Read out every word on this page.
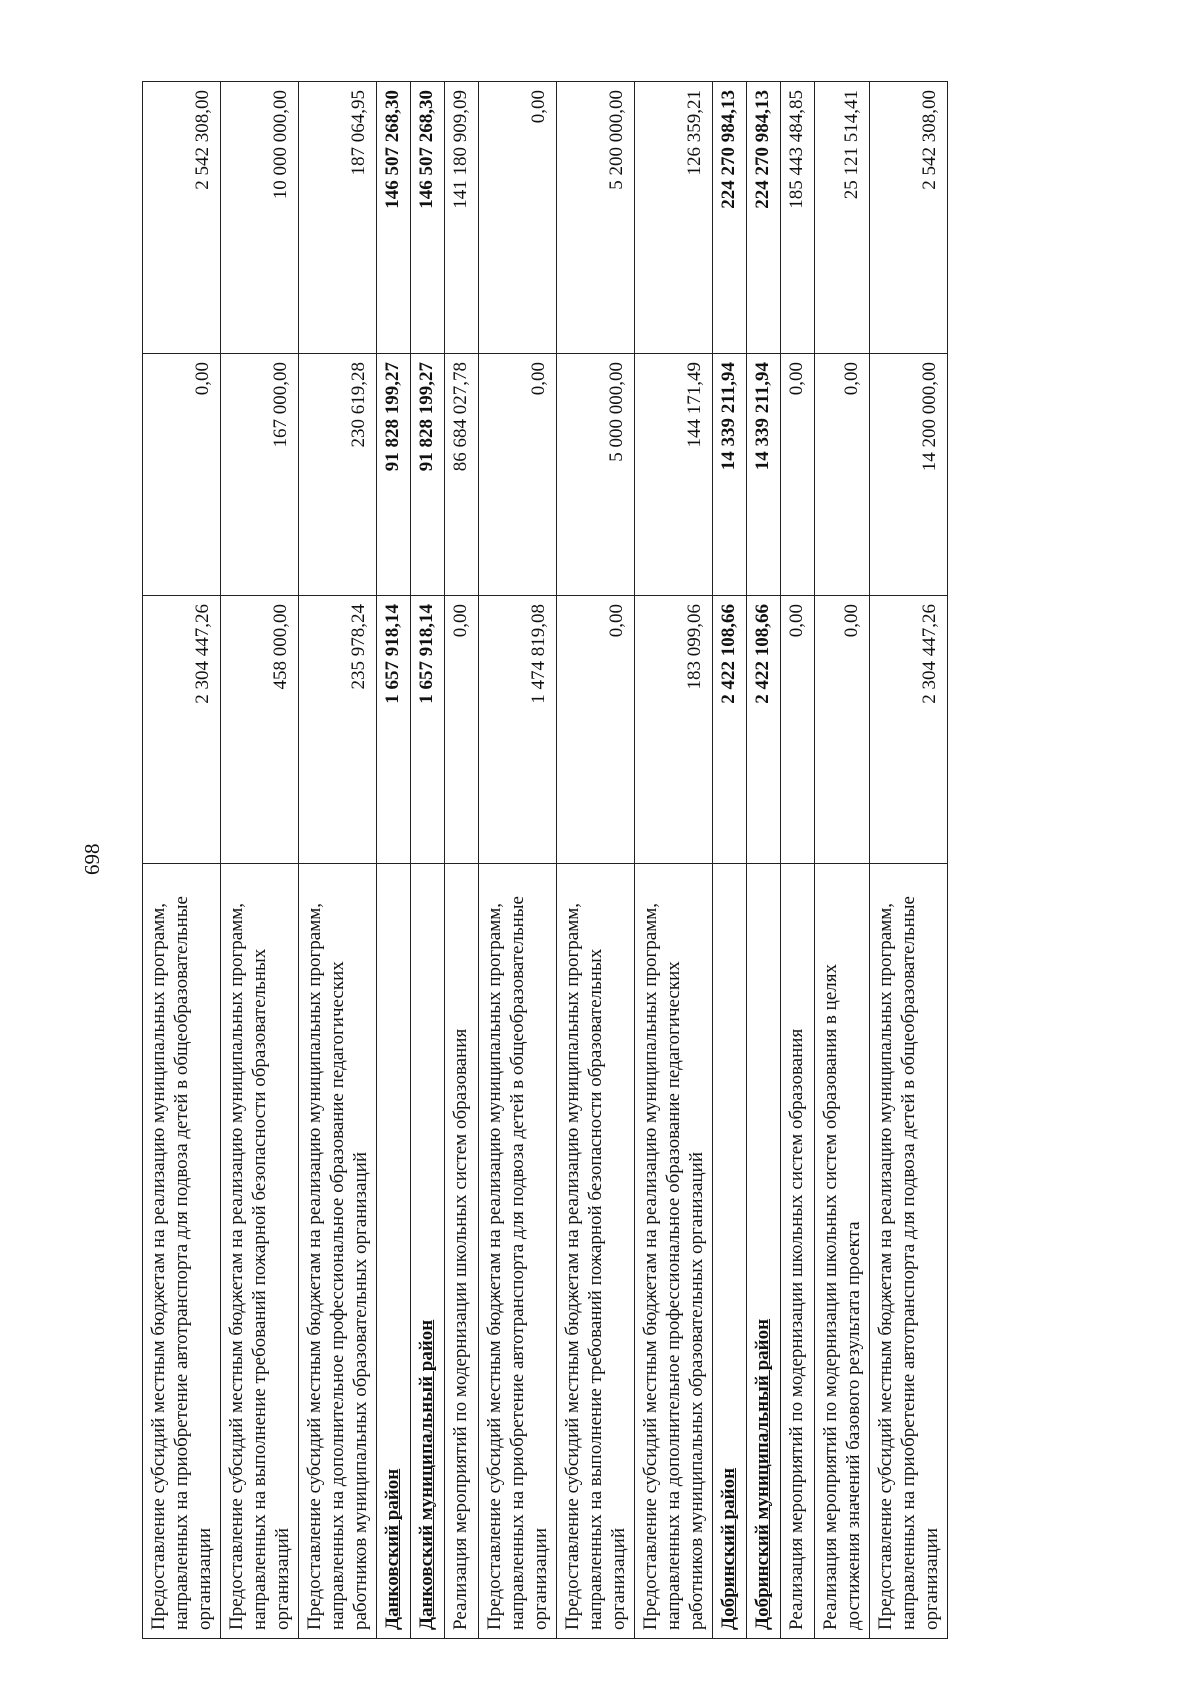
698
Предоставление субсидий местным бюджетам на реализацию муниципальных программ, направленных на приобретение автотранспорта для подвоза детей в общеобразовательные организации	2 304 447,26	0,00	2 542 308,00
Предоставление субсидий местным бюджетам на реализацию муниципальных программ, направленных на выполнение требований пожарной безопасности образовательных организаций	458 000,00	167 000,00	10 000 000,00
Предоставление субсидий местным бюджетам на реализацию муниципальных программ, направленных на дополнительное профессиональное образование педагогических работников муниципальных образовательных организаций	235 978,24	230 619,28	187 064,95
Данковский район	1 657 918,14	91 828 199,27	146 507 268,30
Данковский муниципальный район	1 657 918,14	91 828 199,27	146 507 268,30
Реализация мероприятий по модернизации школьных систем образования	0,00	86 684 027,78	141 180 909,09
Предоставление субсидий местным бюджетам на реализацию муниципальных программ, направленных на приобретение автотранспорта для подвоза детей в общеобразовательные организации	1 474 819,08	0,00	0,00
Предоставление субсидий местным бюджетам на реализацию муниципальных программ, направленных на выполнение требований пожарной безопасности образовательных организаций	0,00	5 000 000,00	5 200 000,00
Предоставление субсидий местным бюджетам на реализацию муниципальных программ, направленных на дополнительное профессиональное образование педагогических работников муниципальных образовательных организаций	183 099,06	144 171,49	126 359,21
Добринский район	2 422 108,66	14 339 211,94	224 270 984,13
Добринский муниципальный район	2 422 108,66	14 339 211,94	224 270 984,13
Реализация мероприятий по модернизации школьных систем образования	0,00	0,00	185 443 484,85
Реализация мероприятий по модернизации школьных систем образования в целях достижения значений базового результата проекта	0,00	0,00	25 121 514,41
Предоставление субсидий местным бюджетам на реализацию муниципальных программ, направленных на приобретение автотранспорта для подвоза детей в общеобразовательные организации	2 304 447,26	14 200 000,00	2 542 308,00
